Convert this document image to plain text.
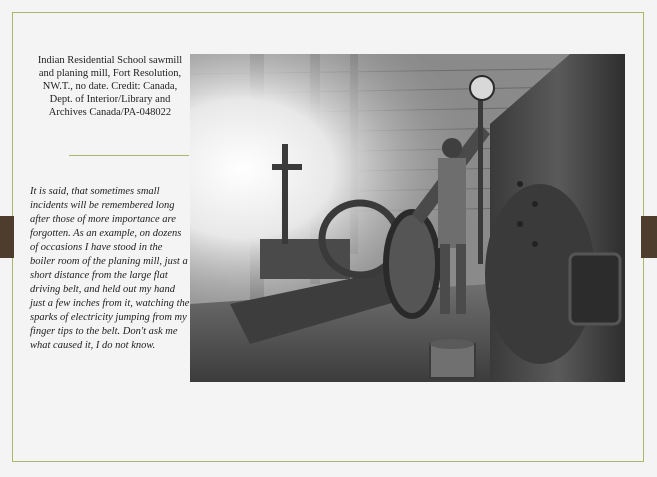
Indian Residential School sawmill and planing mill, Fort Resolution, NW.T., no date. Credit: Canada, Dept. of Interior/Library and Archives Canada/PA-048022
It is said, that sometimes small incidents will be remembered long after those of more importance are forgotten. As an example, on dozens of occasions I have stood in the boiler room of the planing mill, just a short distance from the large flat driving belt, and held out my hand just a few inches from it, watching the sparks of electricity jumping from my finger tips to the belt. Don't ask me what caused it, I do not know.
